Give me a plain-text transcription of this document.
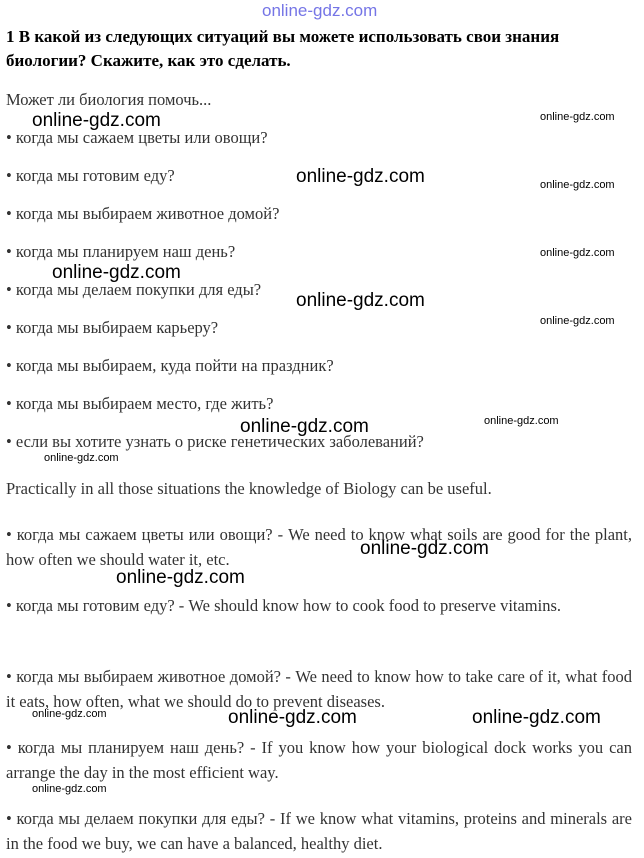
online-gdz.com
1 В какой из следующих ситуаций вы можете использовать свои знания
биологии? Скажите, как это сделать.
Может ли биология помочь...
• когда мы сажаем цветы или овощи?
• когда мы готовим еду?
• когда мы выбираем животное домой?
• когда мы планируем наш день?
• когда мы делаем покупки для еды?
• когда мы выбираем карьеру?
• когда мы выбираем, куда пойти на праздник?
• когда мы выбираем место, где жить?
• если вы хотите узнать о риске генетических заболеваний?
Practically in all those situations the knowledge of Biology can be useful.
• когда мы сажаем цветы или овощи? - We need to know what soils are good for the plant, how often we should water it, etc.
• когда мы готовим еду? - We should know how to cook food to preserve vitamins.
• когда мы выбираем животное домой? - We need to know how to take care of it, what food it eats, how often, what we should do to prevent diseases.
• когда мы планируем наш день? - If you know how your biological dock works you can arrange the day in the most efficient way.
• когда мы делаем покупки для еды? - If we know what vitamins, proteins and minerals are in the food we buy, we can have a balanced, healthy diet.
online-gdz.com
online-gdz.com
online-gdz.com
online-gdz.com
online-gdz.com
online-gdz.com
online-gdz.com
online-gdz.com	online-gdz.com
online-gdz.com
online-gdz.com
online-gdz.com
online-gdz.com
online-gdz.com
online-gdz.com
online-gdz.com
online-gdz.com
